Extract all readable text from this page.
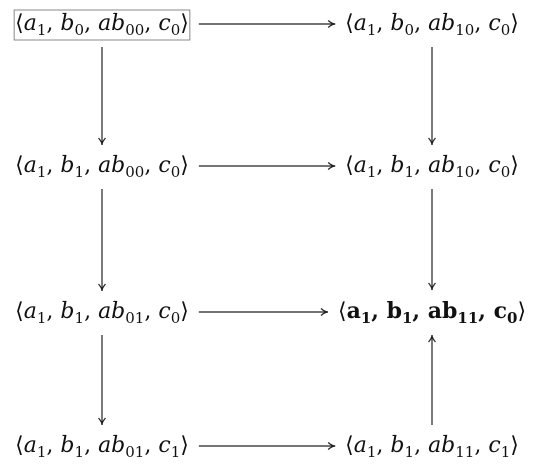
$⟨a_1$, $b_0$, $ab_{00}$, $c_0⟩$	$⟨a_1$, $b_0$, $ab_{10}$, $c_0⟩$
$⟨a_1$, $b_1$, $ab_{00}$, $c_0⟩$	$⟨a_1$, $b_1$, $ab_{10}$, $c_0⟩$
$⟨a_1$, $b_1$, $ab_{01}$, $c_0⟩$	$⟨a_1$, $b_1$, $ab_{11}$, $c_0⟩$
$⟨a_1$, $b_1$, $ab_{01}$, $c_1⟩$	$⟨a_1$, $b_1$, $ab_{11}$, $c_1⟩$
